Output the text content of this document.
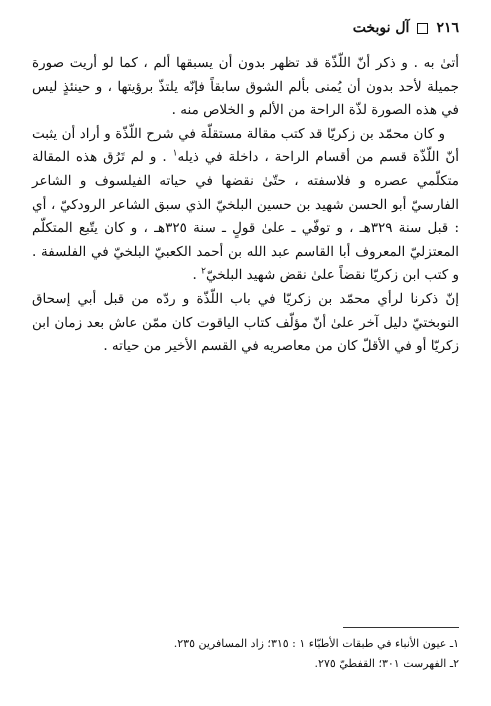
٢١٦
آل نوبخت

أتیٰ به . و ذکر أنّ اللّذّة قد تظهر بدون أن یسبقها ألم ، کما لو أریت صورة جمیلة لأحد بدون أن یُمنی بألم الشوق سابقاً فإنّه یلتذّ برؤیتها ، و حینئذٍ لیس في هذه الصورة لذّة الراحة من الألم و الخلاص منه .

و کان محمّد بن زکریّا قد کتب مقالة مستقلّة في شرح اللّذّة و أراد أن یثبت أنّ اللّذّة قسم من أقسام الراحة ، داخلة في ذیله$^١$ . و لم تَرُق هذه المقالة متکلّمي عصره و فلاسفته ، حتّیٰ نقضها في حیاته الفیلسوف و الشاعر الفارسيّ أبو الحسن شهید بن حسین البلخيّ الذي سبق الشاعر الرودکيّ ، أي : قبل سنة ٣٢٩هـ ، و توفّي ـ علیٰ قولٍ ـ سنة ٣٢٥هـ ، و کان یتّبع المتکلّم المعتزليّ المعروف أبا القاسم عبد الله بن أحمد الکعبيّ البلخيّ في الفلسفة . و کتب ابن زکریّا نقضاً علیٰ نقض شهید البلخيّ$^٢$ .

إنّ ذکرنا لرأي محمّد بن زکریّا في باب اللّذّة و ردّه من قبل أبي إسحاق النوبختيّ دلیل آخر علیٰ أنّ مؤلّف کتاب الیاقوت کان ممّن عاش بعد زمان ابن زکریّا أو في الأقلّ کان من معاصریه في القسم الأخیر من حیاته .

١ـ عیون الأنباء في طبقات الأطبّاء ١ : ٣١٥؛ زاد المسافرین ٢٣٥.
٢ـ الفهرست ٣٠١؛ القفطيّ ٢٧٥.
